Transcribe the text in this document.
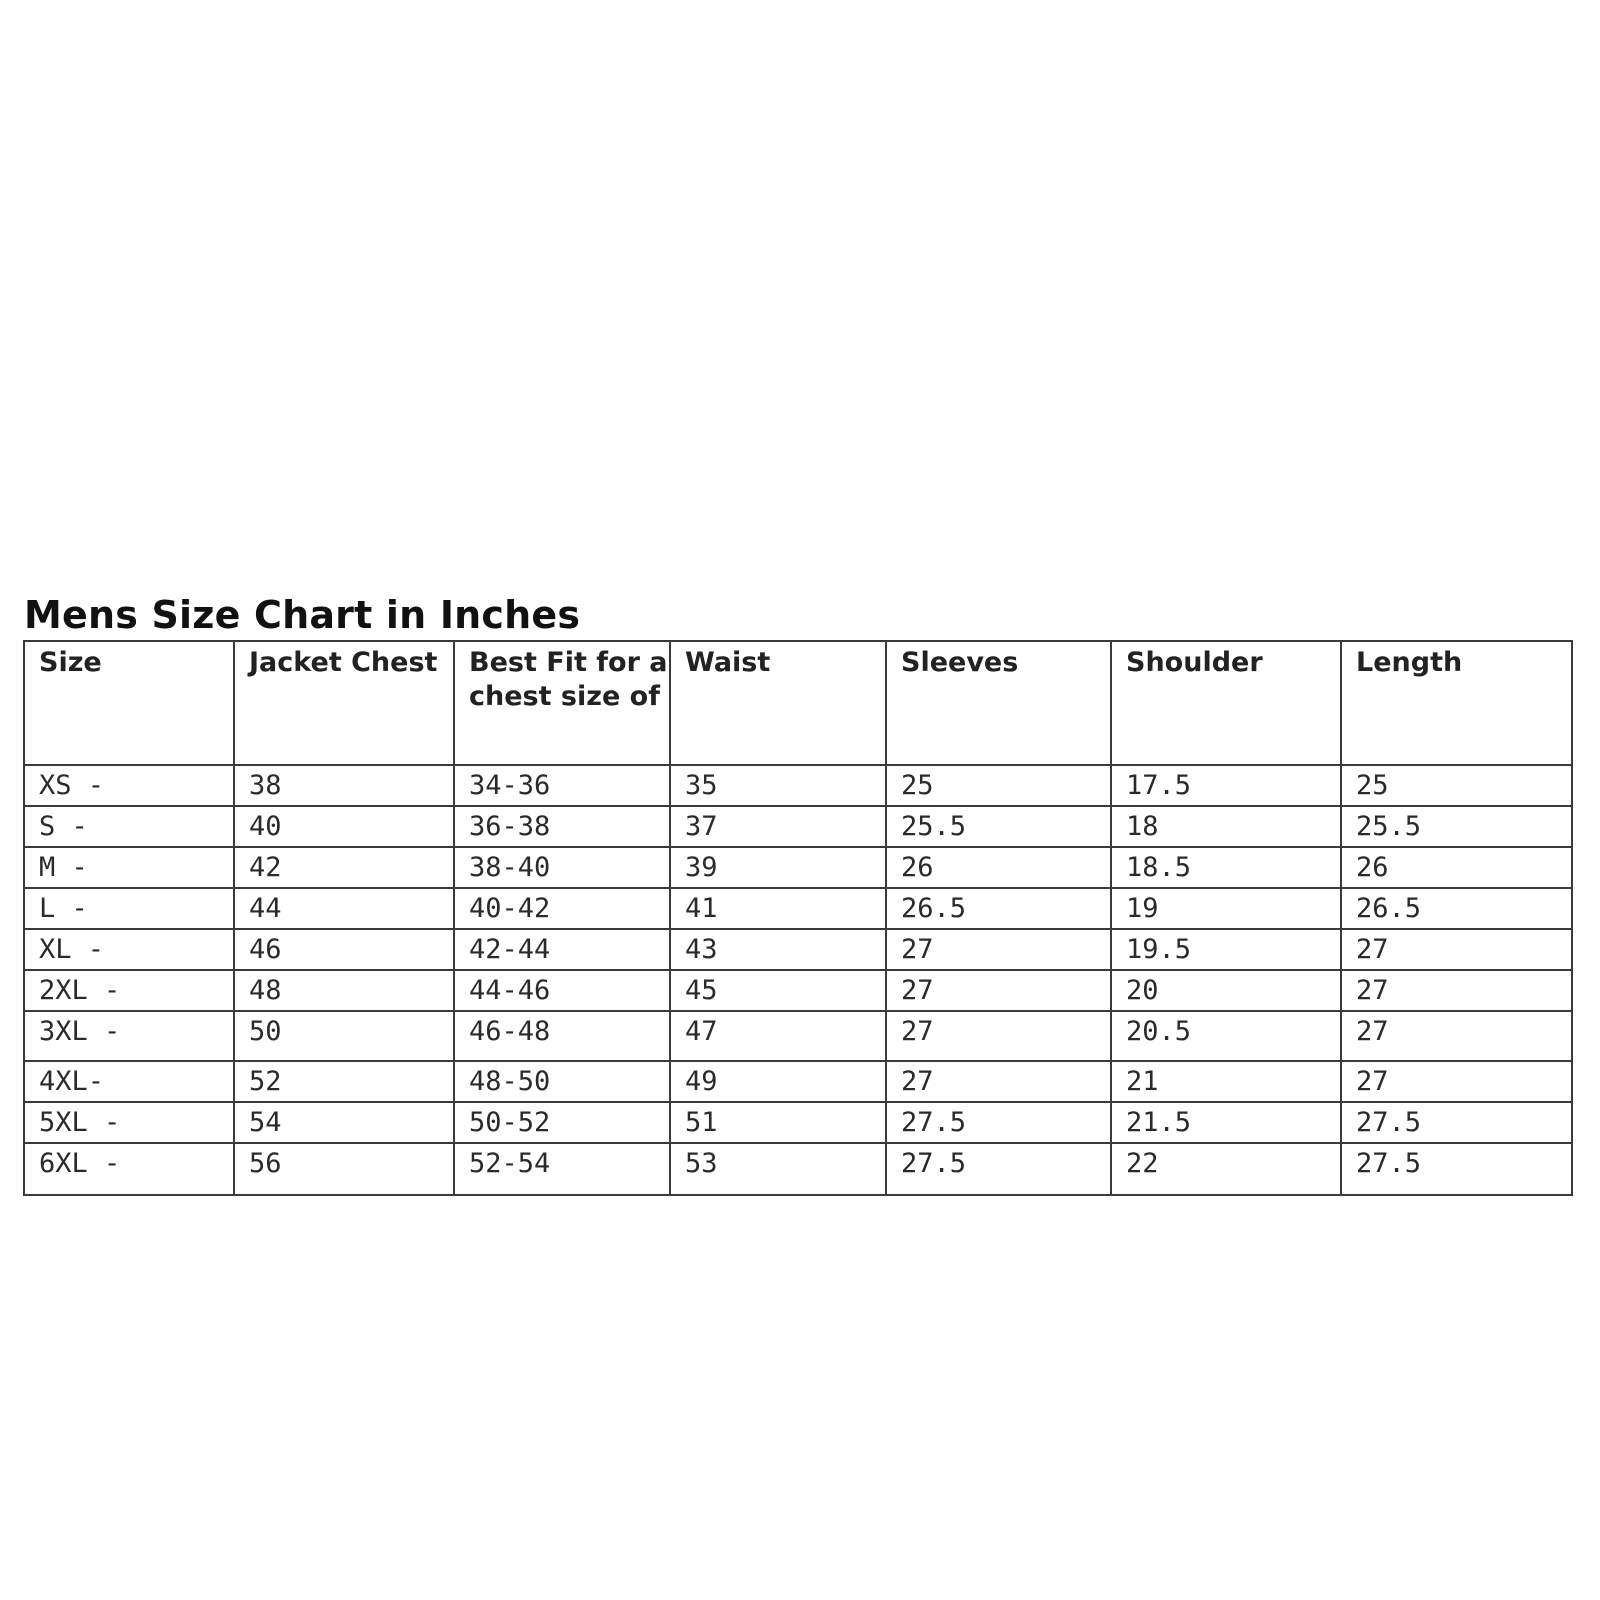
Mens Size Chart in Inches
Size	Jacket Chest	Best Fit for a chest size of	Waist	Sleeves	Shoulder	Length
XS -	38	34-36	35	25	17.5	25
S -	40	36-38	37	25.5	18	25.5
M -	42	38-40	39	26	18.5	26
L -	44	40-42	41	26.5	19	26.5
XL -	46	42-44	43	27	19.5	27
2XL -	48	44-46	45	27	20	27
3XL -	50	46-48	47	27	20.5	27
4XL-	52	48-50	49	27	21	27
5XL -	54	50-52	51	27.5	21.5	27.5
6XL -	56	52-54	53	27.5	22	27.5
